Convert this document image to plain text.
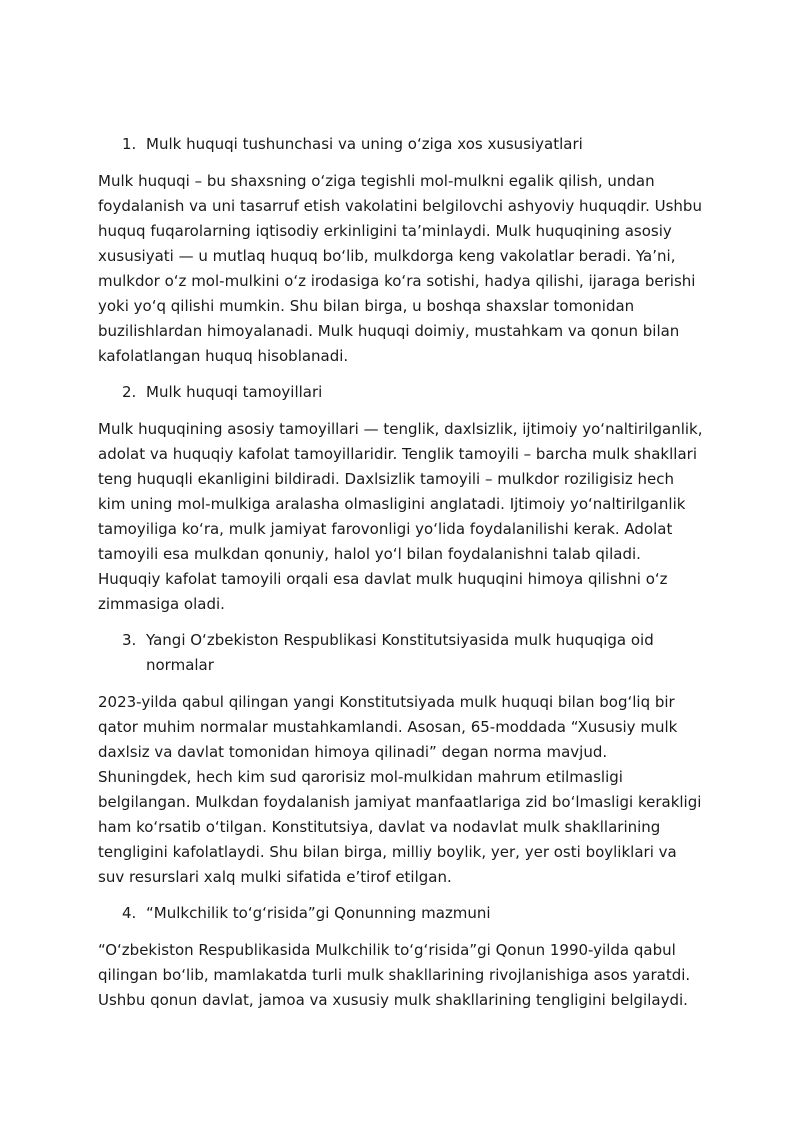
1. Mulk huquqi tushunchasi va uning o‘ziga xos xususiyatlari

Mulk huquqi – bu shaxsning o‘ziga tegishli mol-mulkni egalik qilish, undan foydalanish va uni tasarruf etish vakolatini belgilovchi ashyoviy huquqdir. Ushbu huquq fuqarolarning iqtisodiy erkinligini ta’minlaydi. Mulk huquqining asosiy xususiyati — u mutlaq huquq bo‘lib, mulkdorga keng vakolatlar beradi. Ya’ni, mulkdor o‘z mol-mulkini o‘z irodasiga ko‘ra sotishi, hadya qilishi, ijaraga berishi yoki yo‘q qilishi mumkin. Shu bilan birga, u boshqa shaxslar tomonidan buzilishlardan himoyalanadi. Mulk huquqi doimiy, mustahkam va qonun bilan kafolatlangan huquq hisoblanadi.

2. Mulk huquqi tamoyillari

Mulk huquqining asosiy tamoyillari — tenglik, daxlsizlik, ijtimoiy yo‘naltirilganlik, adolat va huquqiy kafolat tamoyillaridir. Tenglik tamoyili – barcha mulk shakllari teng huquqli ekanligini bildiradi. Daxlsizlik tamoyili – mulkdor roziligisiz hech kim uning mol-mulkiga aralasha olmasligini anglatadi. Ijtimoiy yo‘naltirilganlik tamoyiliga ko‘ra, mulk jamiyat farovonligi yo‘lida foydalanilishi kerak. Adolat tamoyili esa mulkdan qonuniy, halol yo‘l bilan foydalanishni talab qiladi. Huquqiy kafolat tamoyili orqali esa davlat mulk huquqini himoya qilishni o‘z zimmasiga oladi.

3. Yangi O‘zbekiston Respublikasi Konstitutsiyasida mulk huquqiga oid normalar

2023-yilda qabul qilingan yangi Konstitutsiyada mulk huquqi bilan bog‘liq bir qator muhim normalar mustahkamlandi. Asosan, 65-moddada “Xususiy mulk daxlsiz va davlat tomonidan himoya qilinadi” degan norma mavjud. Shuningdek, hech kim sud qarorisiz mol-mulkidan mahrum etilmasligi belgilangan. Mulkdan foydalanish jamiyat manfaatlariga zid bo‘lmasligi kerakligi ham ko‘rsatib o‘tilgan. Konstitutsiya, davlat va nodavlat mulk shakllarining tengligini kafolatlaydi. Shu bilan birga, milliy boylik, yer, yer osti boyliklari va suv resurslari xalq mulki sifatida e’tirof etilgan.

4. “Mulkchilik to‘g‘risida”gi Qonunning mazmuni

“O‘zbekiston Respublikasida Mulkchilik to‘g‘risida”gi Qonun 1990-yilda qabul qilingan bo‘lib, mamlakatda turli mulk shakllarining rivojlanishiga asos yaratdi. Ushbu qonun davlat, jamoa va xususiy mulk shakllarining tengligini belgilaydi.
